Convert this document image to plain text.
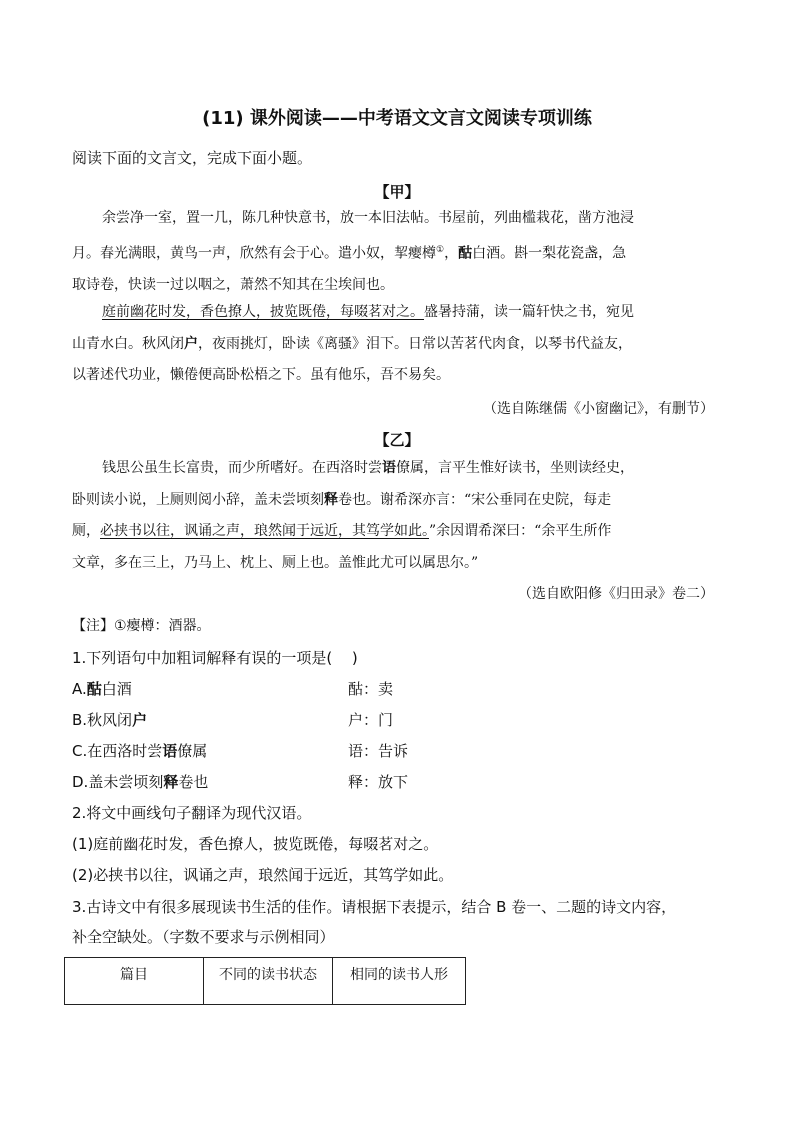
(11) 课外阅读——中考语文文言文阅读专项训练
阅读下面的文言文，完成下面小题。
【甲】
余尝净一室，置一几，陈几种快意书，放一本旧法帖。书屋前，列曲槛栽花，凿方池浸
月。春光满眼，黄鸟一声，欣然有会于心。遣小奴，挈瘿樽①，酤白酒。斟一梨花瓷盏，急
取诗卷，快读一过以咽之，萧然不知其在尘埃间也。
庭前幽花时发，香色撩人，披览既倦，每啜茗对之。盛暑持蒲，读一篇轩快之书，宛见
山青水白。秋风闭户，夜雨挑灯，卧读《离骚》泪下。日常以苦茗代肉食，以琴书代益友，
以著述代功业，懒倦便高卧松梧之下。虽有他乐，吾不易矣。
（选自陈继儒《小窗幽记》，有删节）
【乙】
钱思公虽生长富贵，而少所嗜好。在西洛时尝语僚属，言平生惟好读书，坐则读经史，
卧则读小说，上厕则阅小辞，盖未尝顷刻释卷也。谢希深亦言：“宋公垂同在史院，每走
厕，必挟书以往，讽诵之声，琅然闻于远近，其笃学如此。”余因谓希深曰：“余平生所作
文章，多在三上，乃马上、枕上、厕上也。盖惟此尤可以属思尔。”
（选自欧阳修《归田录》卷二）
【注】①瘿樽：酒器。
1.下列语句中加粗词解释有误的一项是(　 )
A.酤白酒	酤：卖
B.秋风闭户	户：门
C.在西洛时尝语僚属	语：告诉
D.盖未尝顷刻释卷也	释：放下
2.将文中画线句子翻译为现代汉语。
(1)庭前幽花时发，香色撩人，披览既倦，每啜茗对之。
(2)必挟书以往，讽诵之声，琅然闻于远近，其笃学如此。
3.古诗文中有很多展现读书生活的佳作。请根据下表提示，结合 B 卷一、二题的诗文内容，
补全空缺处。（字数不要求与示例相同）
篇目	不同的读书状态	相同的读书人形
